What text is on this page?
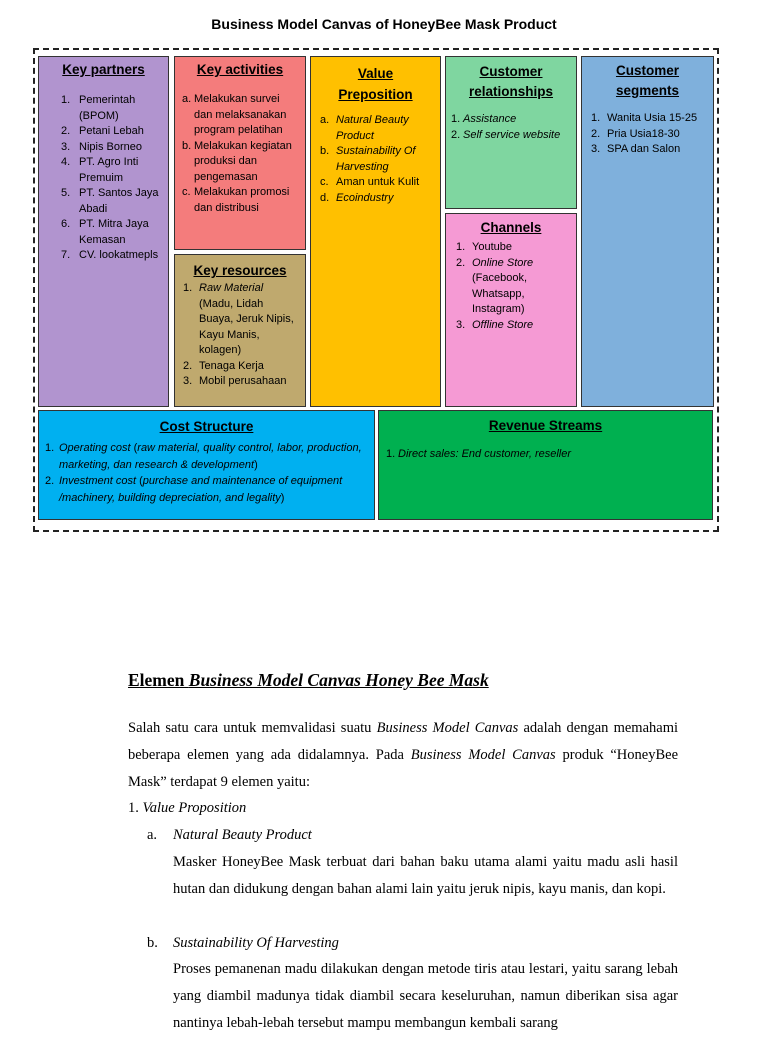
Business Model Canvas of HoneyBee Mask Product
Key partners
1. Pemerintah (BPOM)
2. Petani Lebah
3. Nipis Borneo
4. PT. Agro Inti Premuim
5. PT. Santos Jaya Abadi
6. PT. Mitra Jaya Kemasan
7. CV. lookatmepls
Key activities
a. Melakukan survei dan melaksanakan program pelatihan
b. Melakukan kegiatan produksi dan pengemasan
c. Melakukan promosi dan distribusi
Key resources
1. Raw Material (Madu, Lidah Buaya, Jeruk Nipis, Kayu Manis, kolagen)
2. Tenaga Kerja
3. Mobil perusahaan
Value
Preposition
a. Natural Beauty Product
b. Sustainability Of Harvesting
c. Aman untuk Kulit
d. Ecoindustry
Customer
relationships
1. Assistance
2. Self service website
Channels
1. Youtube
2. Online Store (Facebook, Whatsapp, Instagram)
3. Offline Store
Customer
segments
1. Wanita Usia 15-25
2. Pria Usia18-30
3. SPA dan Salon
Cost Structure
1. Operating cost (raw material, quality control, labor, production, marketing, dan research & development)
2. Investment cost (purchase and maintenance of equipment /machinery, building depreciation, and legality)
Revenue Streams
1. Direct sales: End customer, reseller
Elemen Business Model Canvas Honey Bee Mask
Salah satu cara untuk memvalidasi suatu Business Model Canvas adalah dengan memahami beberapa elemen yang ada didalamnya. Pada Business Model Canvas produk “HoneyBee Mask” terdapat 9 elemen yaitu:
1. Value Proposition
a. Natural Beauty Product
Masker HoneyBee Mask terbuat dari bahan baku utama alami yaitu madu asli hasil hutan dan didukung dengan bahan alami lain yaitu jeruk nipis, kayu manis, dan kopi.
b. Sustainability Of Harvesting
Proses pemanenan madu dilakukan dengan metode tiris atau lestari, yaitu sarang lebah yang diambil madunya tidak diambil secara keseluruhan, namun diberikan sisa agar nantinya lebah-lebah tersebut mampu membangun kembali sarang
